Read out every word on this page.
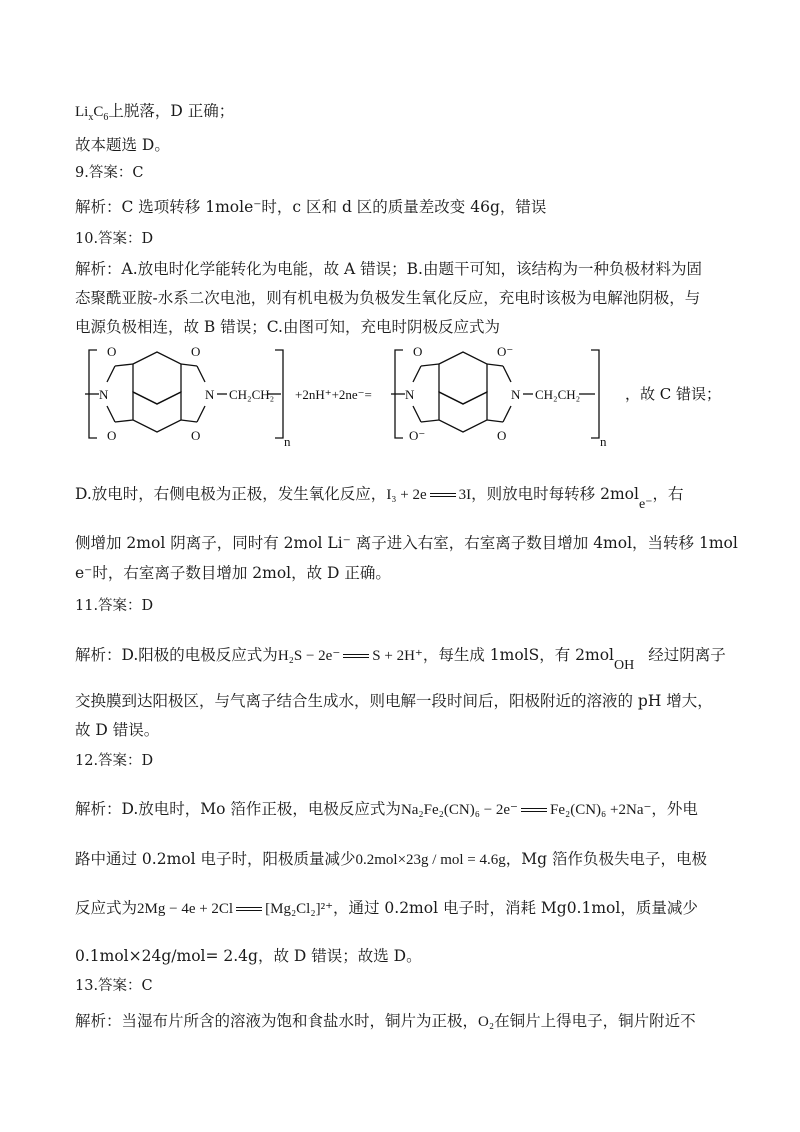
$Li_xC_6$上脱落，D 正确；
故本题选 D。
9.答案：C
解析：C 选项转移 1mole⁻时，c 区和 d 区的质量差改变 46g，错误
10.答案：D
解析：A.放电时化学能转化为电能，故 A 错误；B.由题干可知，该结构为一种负极材料为固
态聚酰亚胺-水系二次电池，则有机电极为负极发生氧化反应，充电时该极为电解池阴极，与
电源负极相连，故 B 错误；C.由图可知，充电时阴极反应式为
O
O
O
O
N	N CH₂CH₂
n
+2nH⁺+2ne⁻=
O
O⁻
O⁻
O
N	N CH₂CH₂
n
，故 C 错误；
D.放电时，右侧电极为正极，发生氧化反应，I₃ + 2e 3I，则放电时每转移 2mole⁻，右
侧增加 2mol 阴离子，同时有 2mol Li⁻ 离子进入右室，右室离子数目增加 4mol，当转移 1mol
e⁻时，右室离子数目增加 2mol，故 D 正确。
11.答案：D
解析：D.阳极的电极反应式为H₂S − 2e⁻ S + 2H⁺，每生成 1molS，有 2molOH经过阴离子
交换膜到达阳极区，与气离子结合生成水，则电解一段时间后，阳极附近的溶液的 pH 增大，
故 D 错误。
12.答案：D
解析：D.放电时，Mo 箔作正极，电极反应式为Na₂Fe₂(CN)₆ − 2e⁻ Fe₂(CN)₆ +2Na⁻，外电
路中通过 0.2mol 电子时，阳极质量减少0.2mol×23g / mol = 4.6g，Mg 箔作负极失电子，电极
反应式为2Mg − 4e + 2Cl [Mg₂Cl₂]²⁺，通过 0.2mol 电子时，消耗 Mg0.1mol，质量减少
0.1mol×24g/mol= 2.4g，故 D 错误；故选 D。
13.答案：C
解析：当湿布片所含的溶液为饱和食盐水时，铜片为正极，O₂在铜片上得电子，铜片附近不
